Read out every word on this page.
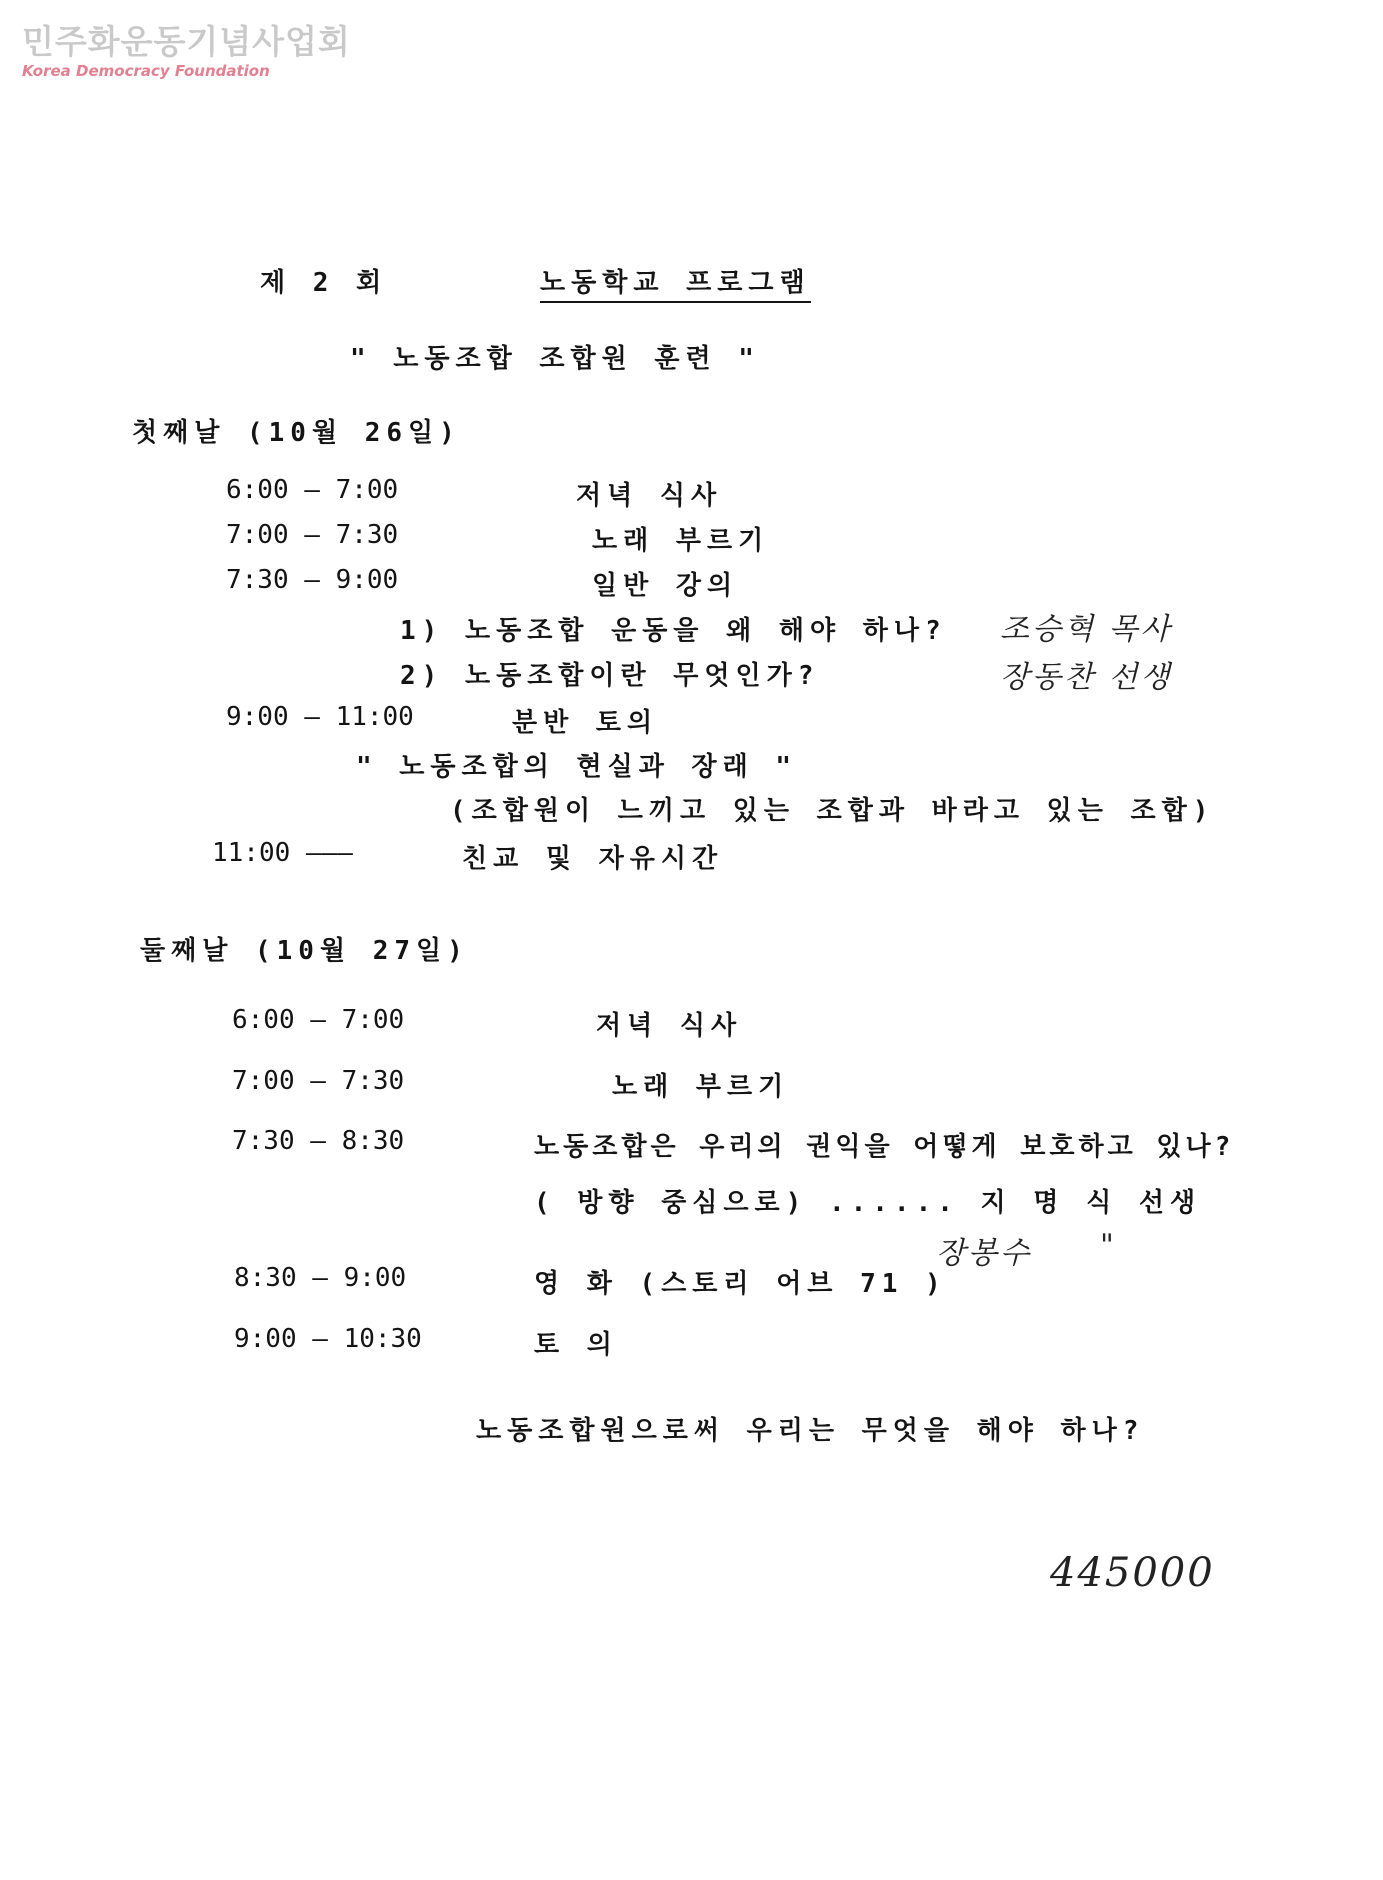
민주화운동기념사업회
Korea Democracy Foundation
제 2 회	노동학교 프로그램
" 노동조합 조합원 훈련 "
첫째날 (10월 26일)
6:00 — 7:00	저녁 식사
7:00 — 7:30	노래 부르기
7:30 — 9:00	일반 강의
1) 노동조합 운동을 왜 해야 하나? 조승혁 목사
2) 노동조합이란 무엇인가?	장동찬 선생
9:00 — 11:00	분반 토의
" 노동조합의 현실과 장래 "
(조합원이 느끼고 있는 조합과 바라고 있는 조합)
11:00 ———	친교 및 자유시간
둘째날 (10월 27일)
6:00 — 7:00	저녁 식사
7:00 — 7:30	노래 부르기
7:30 — 8:30	노동조합은 우리의 권익을 어떻게 보호하고 있나?
( 방향 중심으로) ...... 지 명 식 선생
장봉수 "
8:30 — 9:00	영 화 (스토리 어브 71 )
9:00 — 10:30	토 의
노동조합원으로써 우리는 무엇을 해야 하나?
445000
